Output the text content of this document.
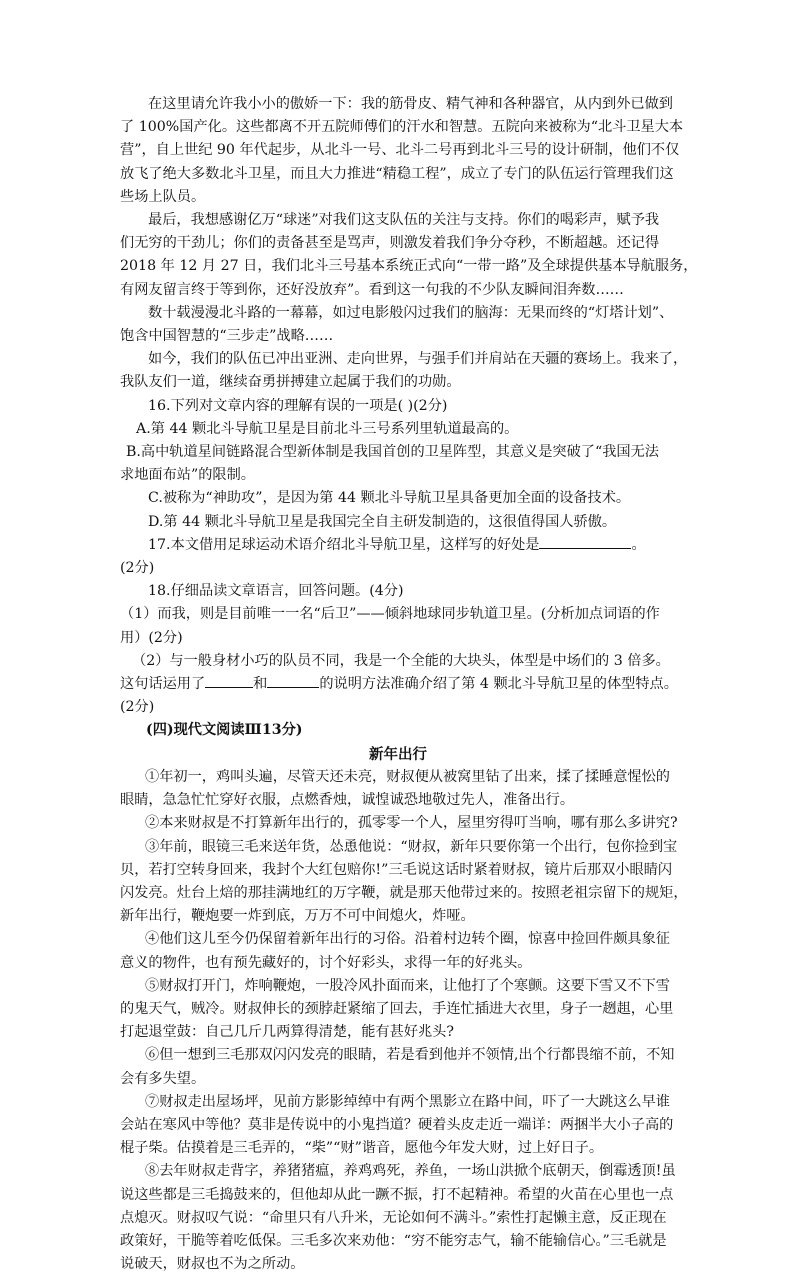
在这里请允许我小小的傲娇一下：我的筋骨皮、精气神和各种器官，从内到外已做到

了 100%国产化。这些都离不开五院师傅们的汗水和智慧。五院向来被称为“北斗卫星大本

营”，自上世纪 90 年代起步，从北斗一号、北斗二号再到北斗三号的设计研制，他们不仅

放飞了绝大多数北斗卫星，而且大力推进“精稳工程”，成立了专门的队伍运行管理我们这

些场上队员。

最后，我想感谢亿万“球迷”对我们这支队伍的关注与支持。你们的喝彩声，赋予我

们无穷的干劲儿；你们的责备甚至是骂声，则激发着我们争分夺秒，不断超越。还记得

2018 年 12 月 27 日，我们北斗三号基本系统正式向“一带一路”及全球提供基本导航服务，

有网友留言终于等到你，还好没放弃”。看到这一句我的不少队友瞬间泪奔数……

数十载漫漫北斗路的一幕幕，如过电影般闪过我们的脑海：无果而终的“灯塔计划”、

饱含中国智慧的“三步走”战略……

如今，我们的队伍已冲出亚洲、走向世界，与强手们并肩站在天疆的赛场上。我来了，

我队友们一道，继续奋勇拼搏建立起属于我们的功勋。

16.下列对文章内容的理解有误的一项是( )(2分)

A.第 44 颗北斗导航卫星是目前北斗三号系列里轨道最高的。

B.高中轨道星间链路混合型新体制是我国首创的卫星阵型，其意义是突破了“我国无法

求地面布站”的限制。

C.被称为“神助攻”，是因为第 44 颗北斗导航卫星具备更加全面的设备技术。

D.第 44 颗北斗导航卫星是我国完全自主研发制造的，这很值得国人骄傲。

17.本文借用足球运动术语介绍北斗导航卫星，这样写的好处是	。

(2分)

18.仔细品读文章语言，回答问题。(4分)

（1）而我，则是目前唯一一名“后卫”——倾斜地球同步轨道卫星。(分析加点词语的作

用）(2分)

（2）与一般身材小巧的队员不同，我是一个全能的大块头，体型是中场们的 3 倍多。

这句话运用了	和	的说明方法准确介绍了第 4 颗北斗导航卫星的体型特点。

(2分)

(四)现代文阅读Ⅲ13分)

新年出行

①年初一，鸡叫头遍，尽管天还未亮，财叔便从被窝里钻了出来，揉了揉睡意惺忪的

眼睛，急急忙忙穿好衣服，点燃香烛，诚惶诚恐地敬过先人，准备出行。

②本来财叔是不打算新年出行的，孤零零一个人，屋里穷得叮当响，哪有那么多讲究?

③年前，眼镜三毛来送年货，怂恿他说：“财叔，新年只要你第一个出行，包你捡到宝

贝，若打空转身回来，我封个大红包赔你!”三毛说这话时紧着财叔，镜片后那双小眼睛闪

闪发亮。灶台上焙的那挂满地红的万字鞭，就是那天他带过来的。按照老祖宗留下的规矩，

新年出行，鞭炮要一炸到底，万万不可中间熄火，炸哑。

④他们这儿至今仍保留着新年出行的习俗。沿着村边转个圈，惊喜中捡回件颇具象征

意义的物件，也有预先藏好的，讨个好彩头，求得一年的好兆头。

⑤财叔打开门，炸响鞭炮，一股冷风扑面而来，让他打了个寒颤。这要下雪又不下雪

的鬼天气，贼冷。财叔伸长的颈脖赶紧缩了回去，手连忙插进大衣里，身子一趔趄，心里

打起退堂鼓：自己几斤几两算得清楚，能有甚好兆头?

⑥但一想到三毛那双闪闪发亮的眼睛，若是看到他并不领情,出个行都畏缩不前，不知

会有多失望。

⑦财叔走出屋场坪，见前方影影绰绰中有两个黑影立在路中间，吓了一大跳这么早谁

会站在寒风中等他？莫非是传说中的小鬼挡道？硬着头皮走近一端详：两捆半大小子高的

棍子柴。估摸着是三毛弄的，“柴”“财”谐音，愿他今年发大财，过上好日子。

⑧去年财叔走背字，养猪猪瘟，养鸡鸡死，养鱼，一场山洪掀个底朝天，倒霉透顶!虽

说这些都是三毛捣鼓来的，但他却从此一蹶不振，打不起精神。希望的火苗在心里也一点

点熄灭。财叔叹气说：“命里只有八升米，无论如何不满斗。”索性打起懒主意，反正现在

政策好，干脆等着吃低保。三毛多次来劝他：“穷不能穷志气，输不能输信心。”三毛就是

说破天，财叔也不为之所动。
